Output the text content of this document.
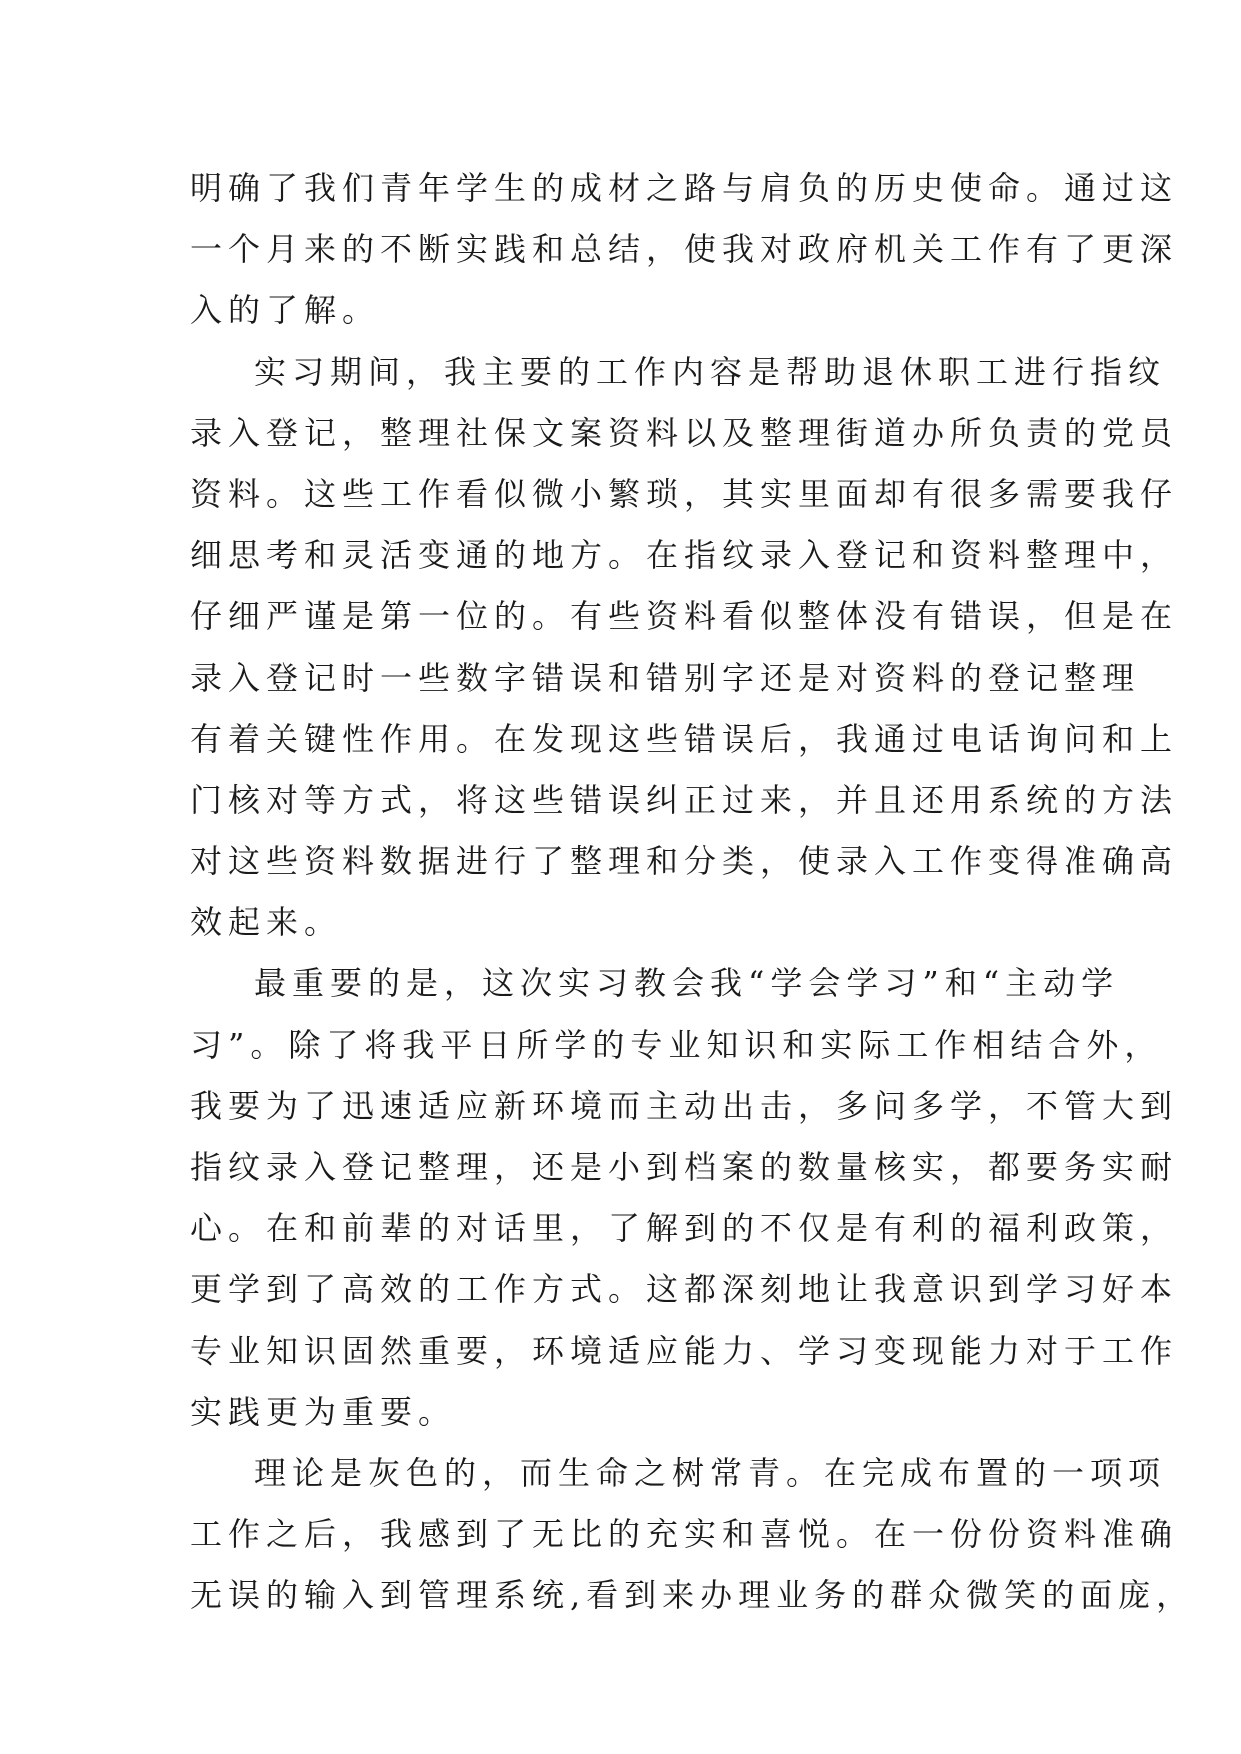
明确了我们青年学生的成材之路与肩负的历史使命。通过这
一个月来的不断实践和总结，使我对政府机关工作有了更深
入的了解。
实习期间，我主要的工作内容是帮助退休职工进行指纹
录入登记，整理社保文案资料以及整理街道办所负责的党员
资料。这些工作看似微小繁琐，其实里面却有很多需要我仔
细思考和灵活变通的地方。在指纹录入登记和资料整理中，
仔细严谨是第一位的。有些资料看似整体没有错误，但是在
录入登记时一些数字错误和错别字还是对资料的登记整理
有着关键性作用。在发现这些错误后，我通过电话询问和上
门核对等方式，将这些错误纠正过来，并且还用系统的方法
对这些资料数据进行了整理和分类，使录入工作变得准确高
效起来。
最重要的是，这次实习教会我“学会学习”和“主动学
习”。除了将我平日所学的专业知识和实际工作相结合外，
我要为了迅速适应新环境而主动出击，多问多学，不管大到
指纹录入登记整理，还是小到档案的数量核实，都要务实耐
心。在和前辈的对话里，了解到的不仅是有利的福利政策，
更学到了高效的工作方式。这都深刻地让我意识到学习好本
专业知识固然重要，环境适应能力、学习变现能力对于工作
实践更为重要。
理论是灰色的，而生命之树常青。在完成布置的一项项
工作之后，我感到了无比的充实和喜悦。在一份份资料准确
无误的输入到管理系统,看到来办理业务的群众微笑的面庞，
